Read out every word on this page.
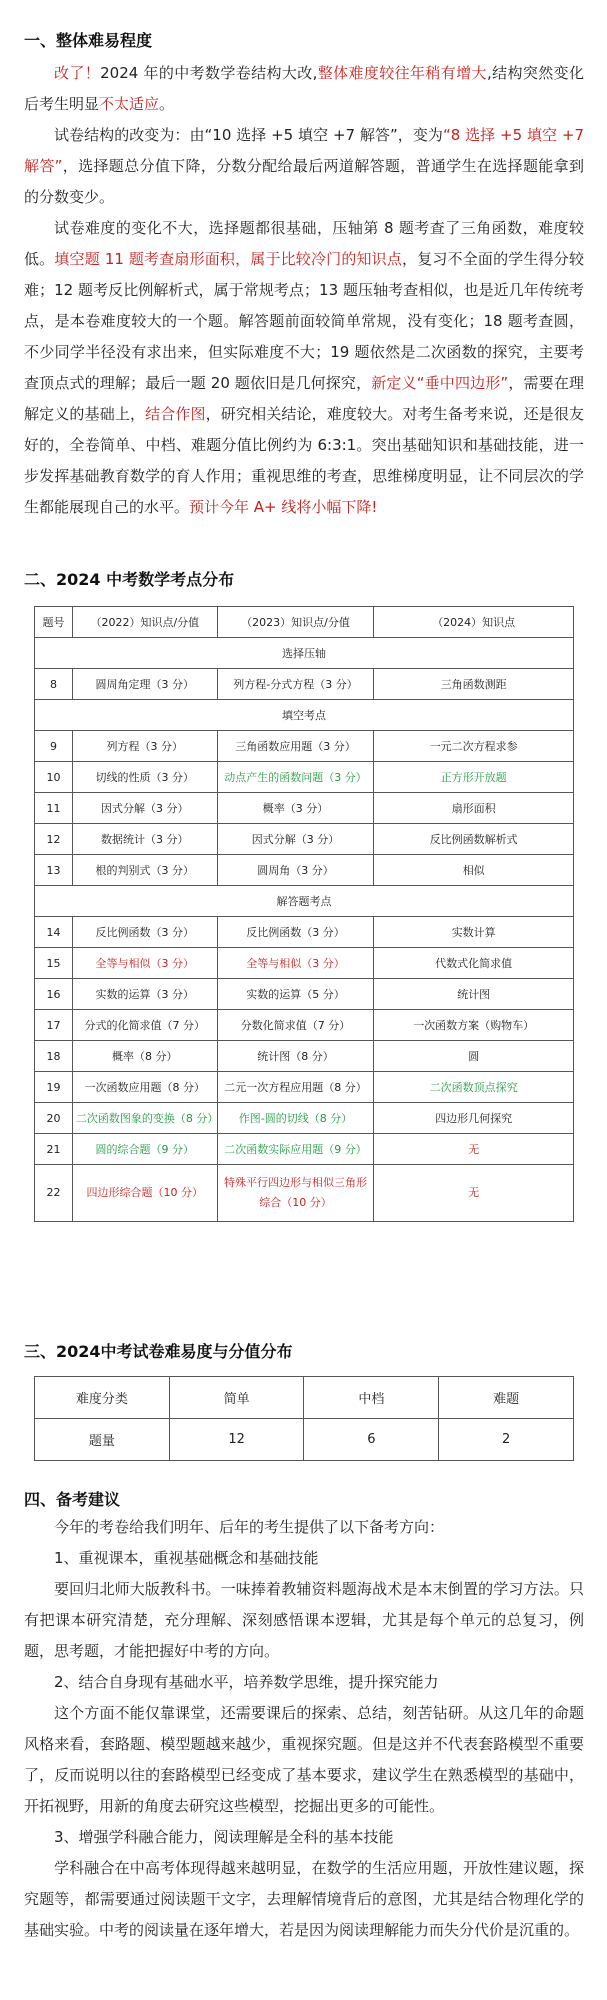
一、整体难易程度

改了！2024 年的中考数学卷结构大改,整体难度较往年稍有增大,结构突然变化后考生明显不太适应。

试卷结构的改变为：由“10 选择 +5 填空 +7 解答”，变为“8 选择 +5 填空 +7 解答”，选择题总分值下降，分数分配给最后两道解答题，普通学生在选择题能拿到的分数变少。

试卷难度的变化不大，选择题都很基础，压轴第 8 题考查了三角函数，难度较低。填空题 11 题考查扇形面积，属于比较冷门的知识点，复习不全面的学生得分较难；12 题考反比例解析式，属于常规考点；13 题压轴考查相似，也是近几年传统考点，是本卷难度较大的一个题。解答题前面较简单常规，没有变化；18 题考查圆，不少同学半径没有求出来，但实际难度不大；19 题依然是二次函数的探究，主要考查顶点式的理解；最后一题 20 题依旧是几何探究，新定义“垂中四边形”，需要在理解定义的基础上，结合作图，研究相关结论，难度较大。对考生备考来说，还是很友好的，全卷简单、中档、难题分值比例约为 6:3:1。突出基础知识和基础技能，进一步发挥基础教育数学的育人作用；重视思维的考查，思维梯度明显，让不同层次的学生都能展现自己的水平。预计今年 A+ 线将小幅下降!

二、2024 中考数学考点分布
题号	（2022）知识点/分值	（2023）知识点/分值	（2024）知识点
选择压轴			
8	圆周角定理（3 分）	列方程-分式方程（3 分）	三角函数测距
填空考点			
9	列方程（3 分）	三角函数应用题（3 分）	一元二次方程求参
10	切线的性质（3 分）	动点产生的函数问题（3 分）	正方形开放题
11	因式分解（3 分）	概率（3 分）	扇形面积
12	数据统计（3 分）	因式分解（3 分）	反比例函数解析式
13	根的判别式（3 分）	圆周角（3 分）	相似
解答题考点			
14	反比例函数（3 分）	反比例函数（3 分）	实数计算
15	全等与相似（3 分）	全等与相似（3 分）	代数式化简求值
16	实数的运算（3 分）	实数的运算（5 分）	统计图
17	分式的化简求值（7 分）	分数化简求值（7 分）	一次函数方案（购物车）
18	概率（8 分）	统计图（8 分）	圆
19	一次函数应用题（8 分）	二元一次方程应用题（8 分）	二次函数顶点探究
20	二次函数图象的变换（8 分）	作图-圆的切线（8 分）	四边形几何探究
21	圆的综合题（9 分）	二次函数实际应用题（9 分）	无
22	四边形综合题（10 分）	特殊平行四边形与相似三角形综合（10 分）	无
三、2024中考试卷难易度与分值分布
难度分类	简单	中档	难题
题量	12	6	2
四、备考建议

今年的考卷给我们明年、后年的考生提供了以下备考方向：

1、重视课本，重视基础概念和基础技能

要回归北师大版教科书。一味捧着教辅资料题海战术是本末倒置的学习方法。只有把课本研究清楚，充分理解、深刻感悟课本逻辑，尤其是每个单元的总复习，例题，思考题，才能把握好中考的方向。

2、结合自身现有基础水平，培养数学思维，提升探究能力

这个方面不能仅靠课堂，还需要课后的探索、总结，刻苦钻研。从这几年的命题风格来看，套路题、模型题越来越少，重视探究题。但是这并不代表套路模型不重要了，反而说明以往的套路模型已经变成了基本要求，建议学生在熟悉模型的基础中，开拓视野，用新的角度去研究这些模型，挖掘出更多的可能性。

3、增强学科融合能力，阅读理解是全科的基本技能

学科融合在中高考体现得越来越明显，在数学的生活应用题，开放性建议题，探究题等，都需要通过阅读题干文字，去理解情境背后的意图，尤其是结合物理化学的基础实验。中考的阅读量在逐年增大，若是因为阅读理解能力而失分代价是沉重的。
